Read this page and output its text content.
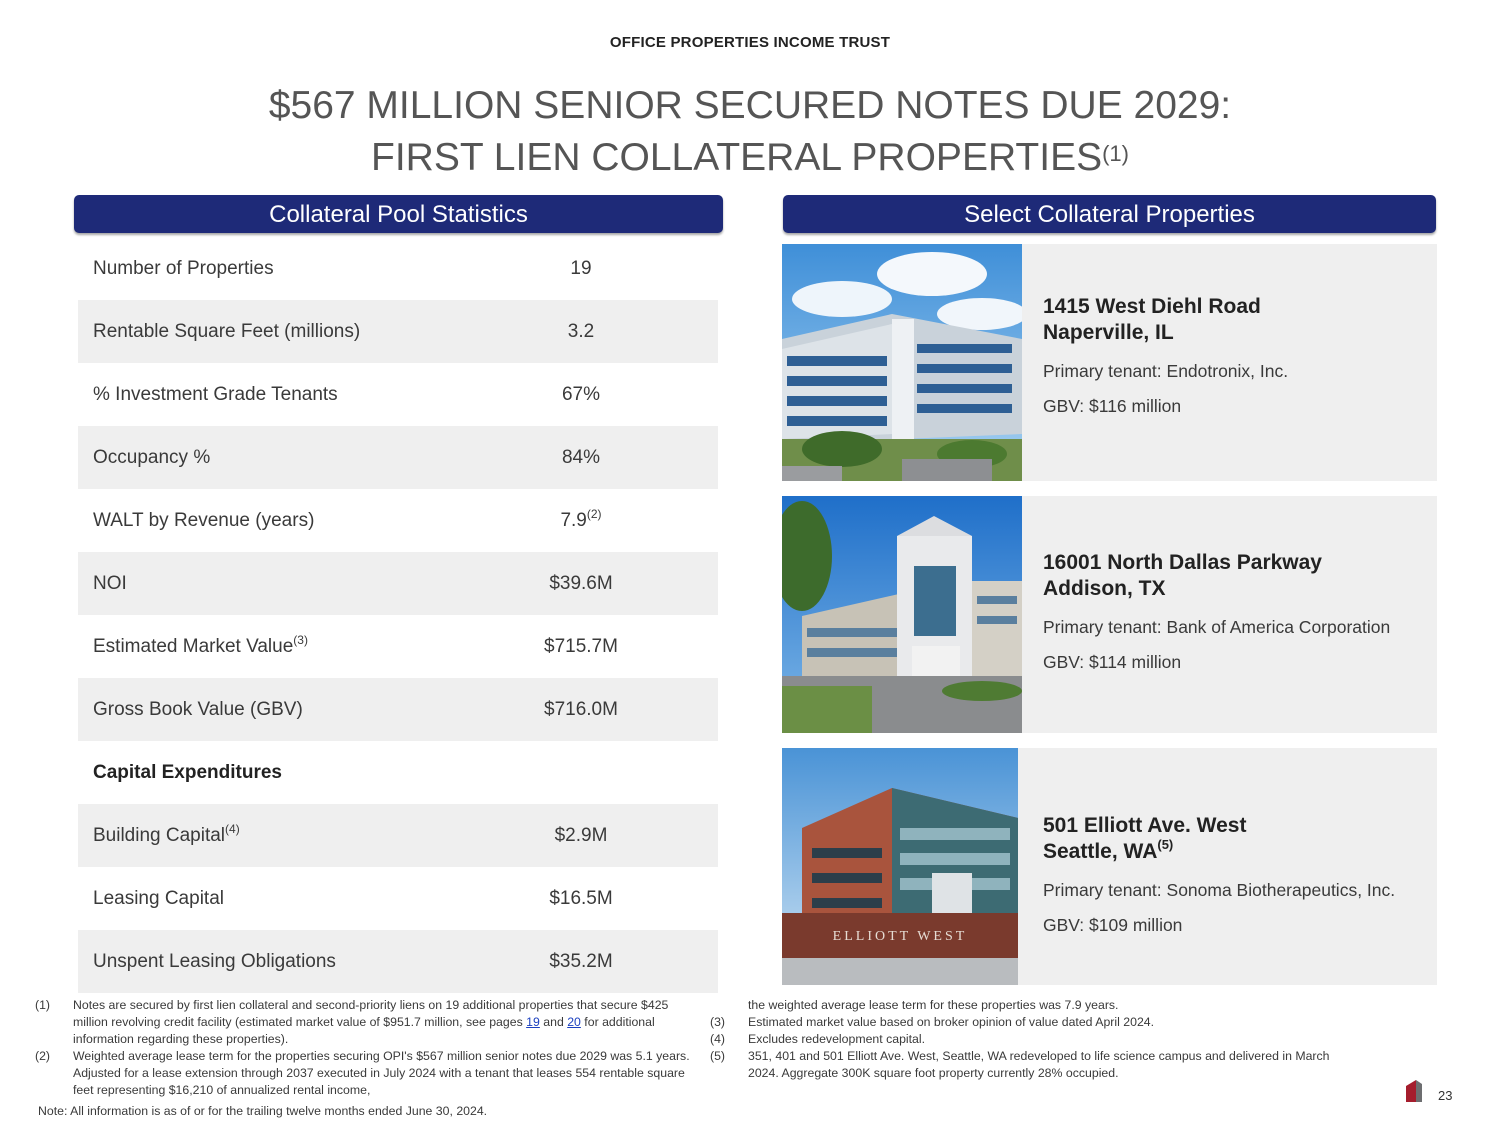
OFFICE PROPERTIES INCOME TRUST
$567 MILLION SENIOR SECURED NOTES DUE 2029:
FIRST LIEN COLLATERAL PROPERTIES$^{(1)}$
Collateral Pool Statistics	Select Collateral Properties
Number of Properties	19
Rentable Square Feet (millions)	3.2
% Investment Grade Tenants	67%
Occupancy %	84%
WALT by Revenue (years)	7.9$^{(2)}$
NOI	$39.6M
Estimated Market Value$^{(3)}$	$715.7M
Gross Book Value (GBV)	$716.0M
Capital Expenditures
Building Capital$^{(4)}$	$2.9M
Leasing Capital	$16.5M
Unspent Leasing Obligations	$35.2M
1415 West Diehl Road
Naperville, IL
Primary tenant: Endotronix, Inc.
GBV: $116 million
16001 North Dallas Parkway
Addison, TX
Primary tenant: Bank of America Corporation
GBV: $114 million
ELLIOTT WEST
501 Elliott Ave. West
Seattle, WA$^{(5)}$
Primary tenant: Sonoma Biotherapeutics, Inc.
GBV: $109 million
(1) Notes are secured by first lien collateral and second-priority liens on 19 additional properties that secure $425 million revolving credit facility (estimated market value of $951.7 million, see pages 19 and 20 for additional information regarding these properties).
(2) Weighted average lease term for the properties securing OPI's $567 million senior notes due 2029 was 5.1 years. Adjusted for a lease extension through 2037 executed in July 2024 with a tenant that leases 554 rentable square feet representing $16,210 of annualized rental income,
the weighted average lease term for these properties was 7.9 years.
(3) Estimated market value based on broker opinion of value dated April 2024.
(4) Excludes redevelopment capital.
(5) 351, 401 and 501 Elliott Ave. West, Seattle, WA redeveloped to life science campus and delivered in March 2024. Aggregate 300K square foot property currently 28% occupied.
Note: All information is as of or for the trailing twelve months ended June 30, 2024.
23
